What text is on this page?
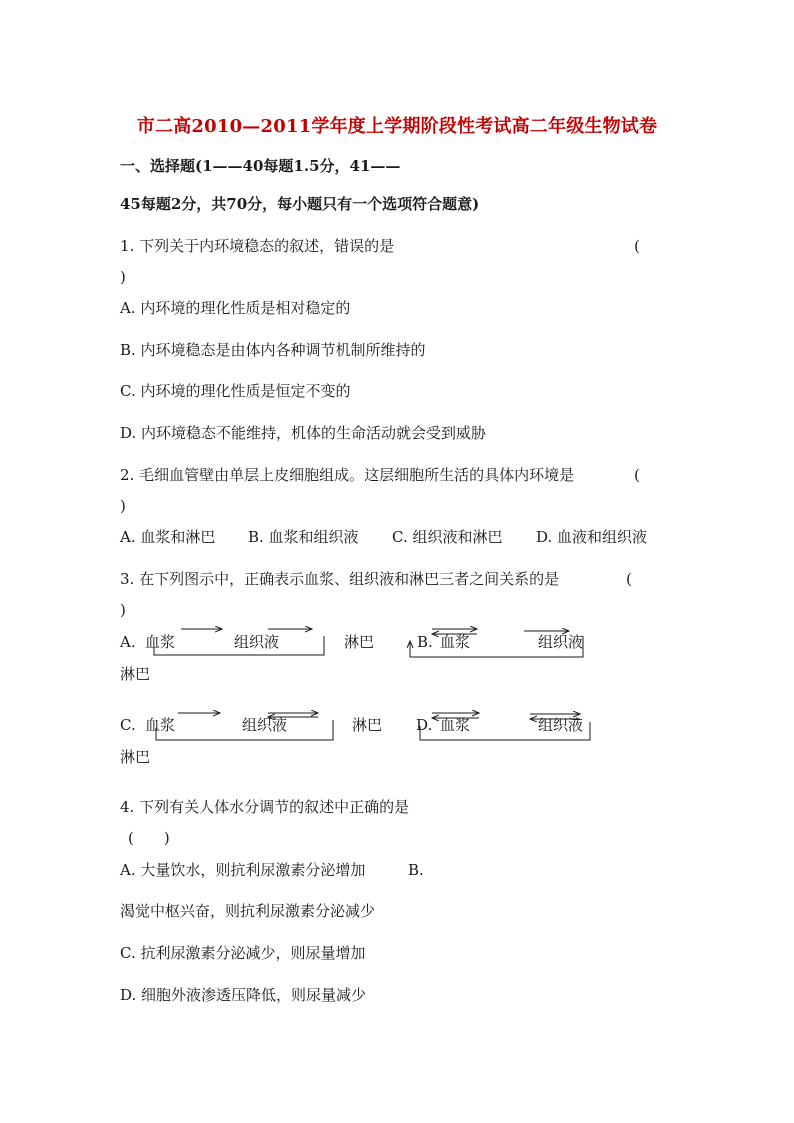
市二高2010—2011学年度上学期阶段性考试高二年级生物试卷
一、选择题(1——40每题1.5分，41——
45每题2分，共70分，每小题只有一个选项符合题意)
1. 下列关于内环境稳态的叙述，错误的是	(
)
A. 内环境的理化性质是相对稳定的
B. 内环境稳态是由体内各种调节机制所维持的
C. 内环境的理化性质是恒定不变的
D. 内环境稳态不能维持，机体的生命活动就会受到威胁
2. 毛细血管壁由单层上皮细胞组成。这层细胞所生活的具体内环境是	(
)
A. 血浆和淋巴 B. 血浆和组织液 C. 组织液和淋巴 D. 血液和组织液
3. 在下列图示中，正确表示血浆、组织液和淋巴三者之间关系的是	(
)
A. 血浆	组织液	淋巴	B. 血浆	组织液
淋巴
C. 血浆	组织液	淋巴 D. 血浆	组织液
淋巴
4. 下列有关人体水分调节的叙述中正确的是
(　　)
A. 大量饮水，则抗利尿激素分泌增加	B.
渴觉中枢兴奋，则抗利尿激素分泌减少
C. 抗利尿激素分泌减少，则尿量增加
D. 细胞外液渗透压降低，则尿量减少
